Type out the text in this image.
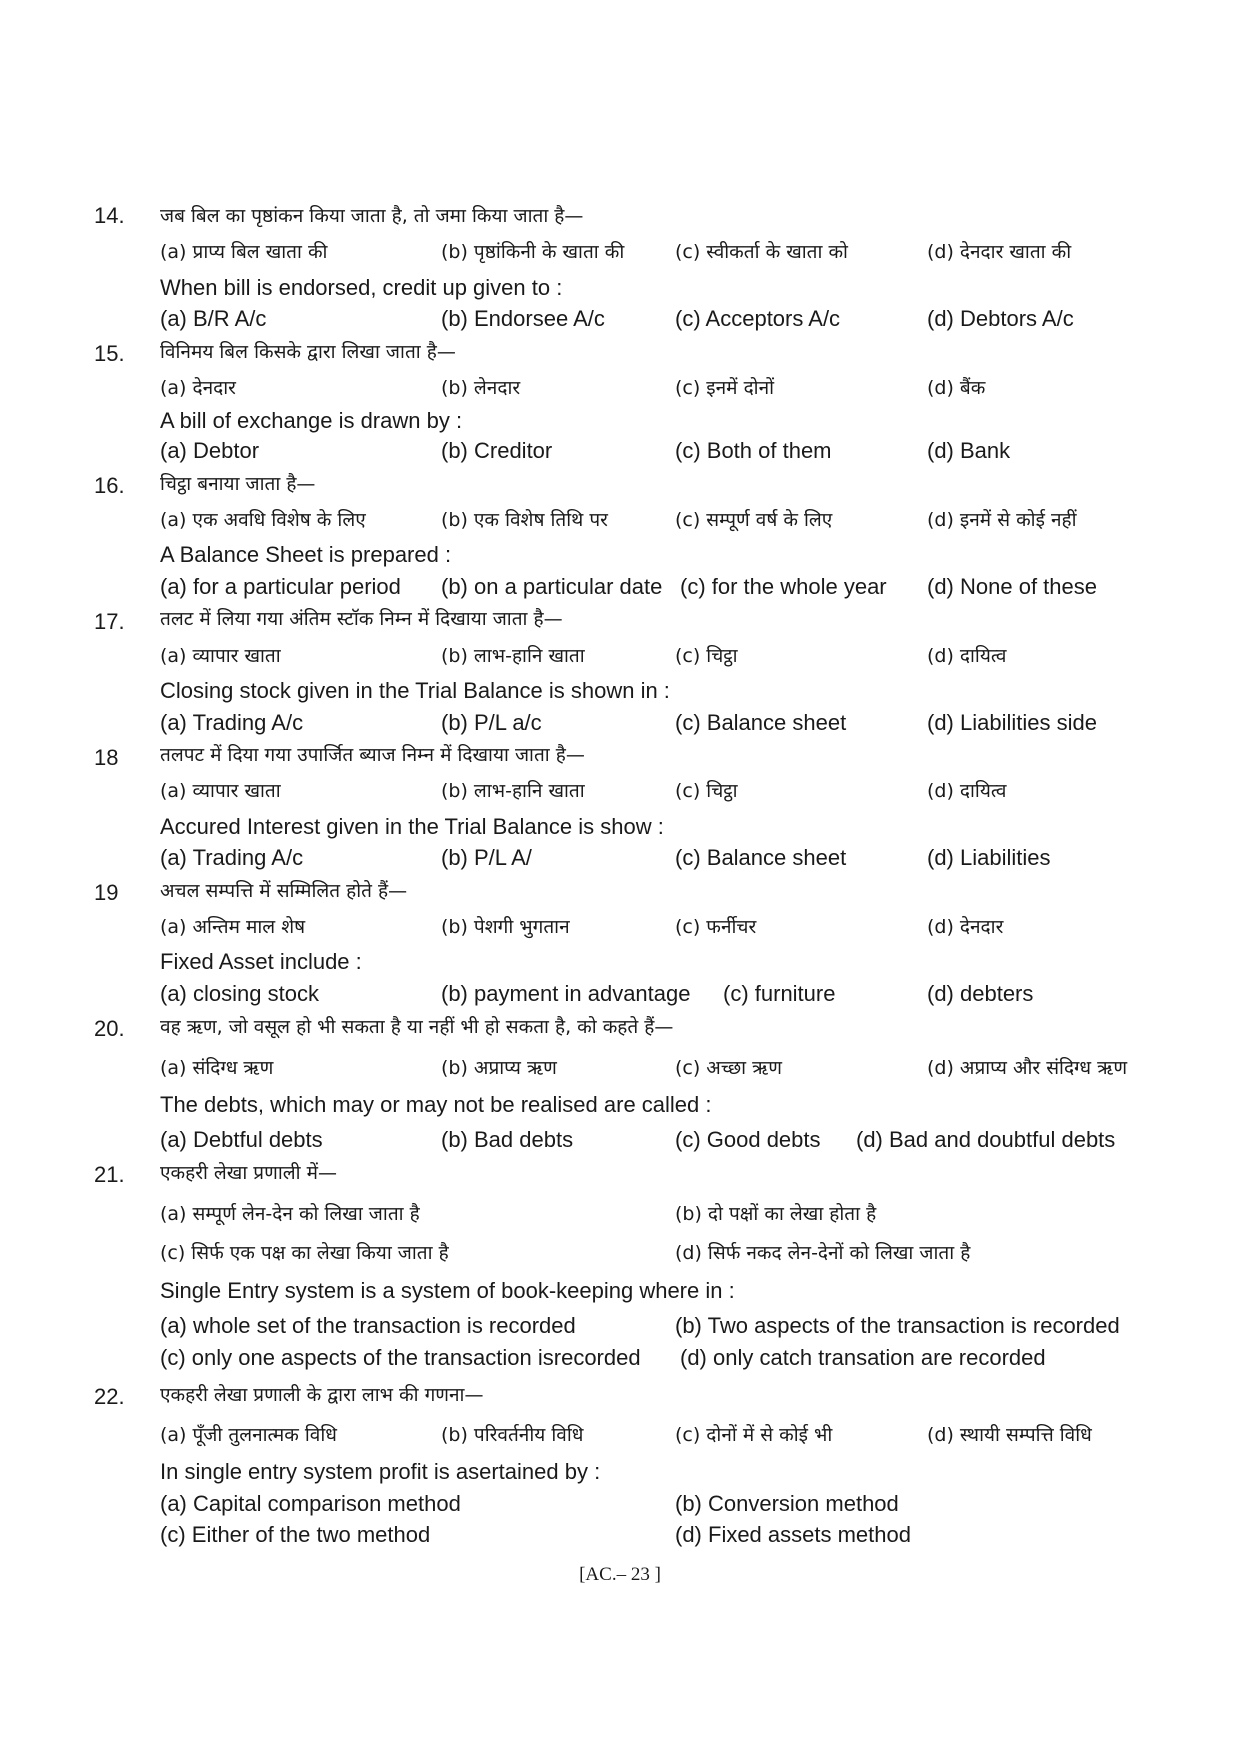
14.	जब बिल का पृष्ठांकन किया जाता है, तो जमा किया जाता है—
(a) प्राप्य बिल खाता की	(b) पृष्ठांकिनी के खाता की	(c) स्वीकर्ता के खाता को	(d) देनदार खाता की
When bill is endorsed, credit up given to :
(a) B/R A/c	(b) Endorsee A/c	(c) Acceptors A/c	(d) Debtors A/c
15.	विनिमय बिल किसके द्वारा लिखा जाता है—
(a) देनदार	(b) लेनदार	(c) इनमें दोनों	(d) बैंक
A bill of exchange is drawn by :
(a) Debtor	(b) Creditor	(c) Both of them	(d) Bank
16.	चिट्ठा बनाया जाता है—
(a) एक अवधि विशेष के लिए	(b) एक विशेष तिथि पर	(c) सम्पूर्ण वर्ष के लिए	(d) इनमें से कोई नहीं
A Balance Sheet is prepared :
(a) for a particular period (b) on a particular date (c) for the whole year (d) None of these
17.	तलट में लिया गया अंतिम स्टॉक निम्न में दिखाया जाता है—
(a) व्यापार खाता	(b) लाभ-हानि खाता	(c) चिट्ठा	(d) दायित्व
Closing stock given in the Trial Balance is shown in :
(a) Trading A/c	(b) P/L a/c	(c) Balance sheet	(d) Liabilities side
18	तलपट में दिया गया उपार्जित ब्याज निम्न में दिखाया जाता है—
(a) व्यापार खाता	(b) लाभ-हानि खाता	(c) चिट्ठा	(d) दायित्व
Accured Interest given in the Trial Balance is show :
(a) Trading A/c	(b) P/L A/	(c) Balance sheet	(d) Liabilities
19	अचल सम्पत्ति में सम्मिलित होते हैं—
(a) अन्तिम माल शेष	(b) पेशगी भुगतान	(c) फर्नीचर	(d) देनदार
Fixed Asset include :
(a) closing stock	(b) payment in advantage (c) furniture	(d) debters
20.	वह ऋण, जो वसूल हो भी सकता है या नहीं भी हो सकता है, को कहते हैं—
(a) संदिग्ध ऋण	(b) अप्राप्य ऋण	(c) अच्छा ऋण	(d) अप्राप्य और संदिग्ध ऋण
The debts, which may or may not be realised are called :
(a) Debtful debts	(b) Bad debts	(c) Good debts (d) Bad and doubtful debts
21.	एकहरी लेखा प्रणाली में—
(a) सम्पूर्ण लेन-देन को लिखा जाता है	(b) दो पक्षों का लेखा होता है
(c) सिर्फ एक पक्ष का लेखा किया जाता है	(d) सिर्फ नकद लेन-देनों को लिखा जाता है
Single Entry system is a system of book-keeping where in :
(a) whole set of the transaction is recorded	(b) Two aspects of the transaction is recorded
(c) only one aspects of the transaction isrecorded (d) only catch transation are recorded
22.	एकहरी लेखा प्रणाली के द्वारा लाभ की गणना—
(a) पूँजी तुलनात्मक विधि	(b) परिवर्तनीय विधि	(c) दोनों में से कोई भी	(d) स्थायी सम्पत्ति विधि
In single entry system profit is asertained by :
(a) Capital comparison method	(b) Conversion method
(c) Either of the two method	(d) Fixed assets method
[AC.– 23 ]
